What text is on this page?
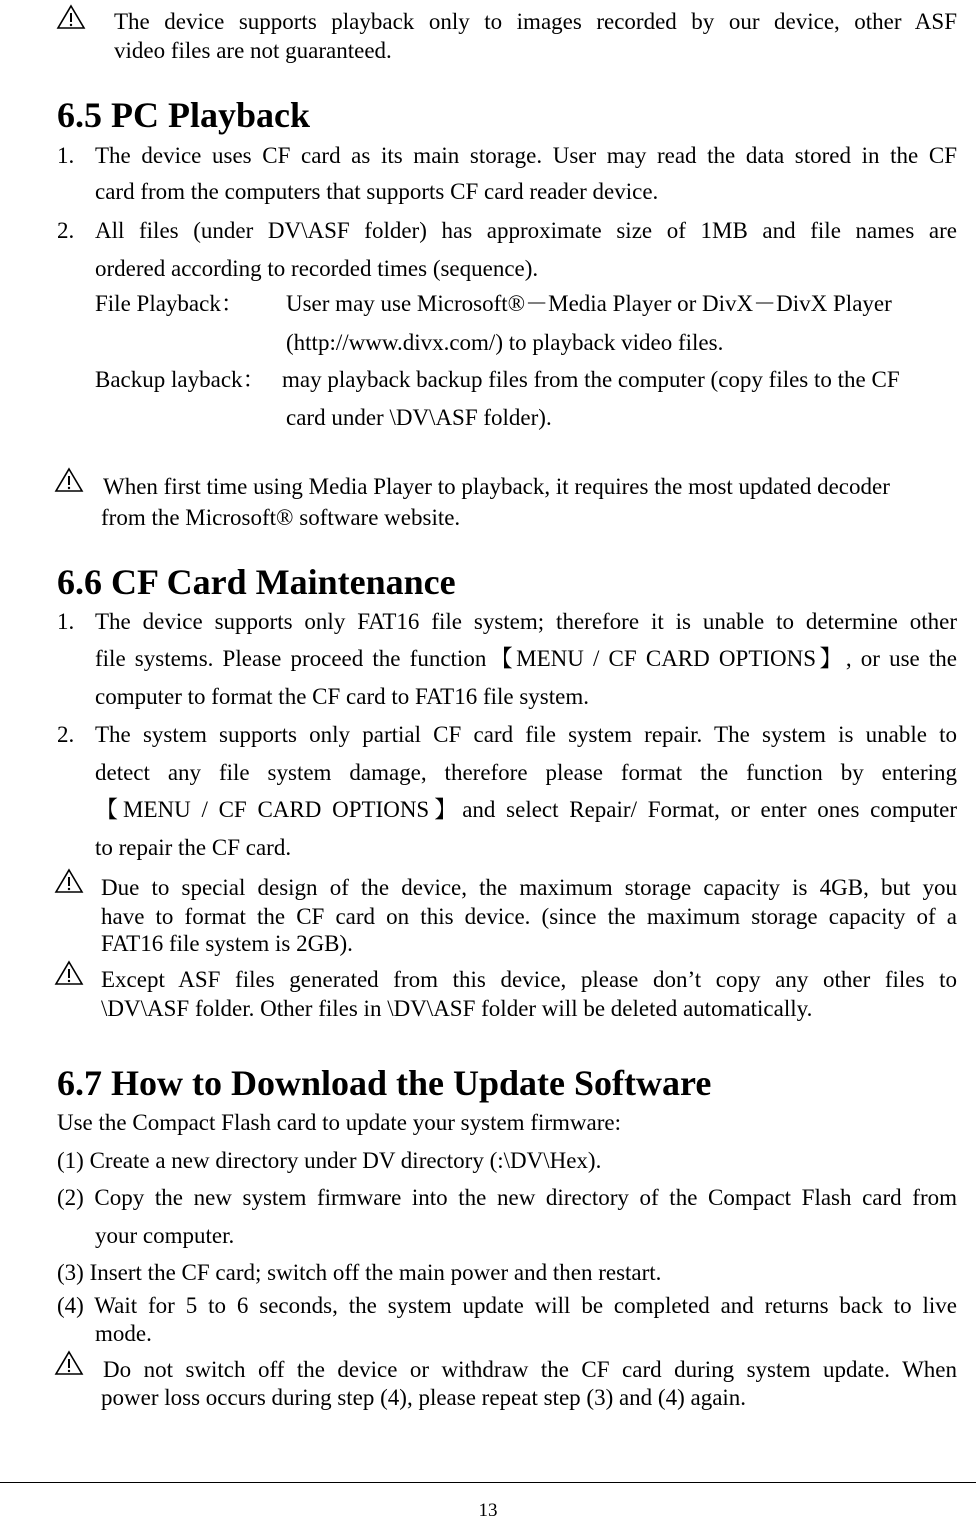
The device supports playback only to images recorded by our device, other ASF
video files are not guaranteed.
6.5 PC Playback
1. The device uses CF card as its main storage. User may read the data stored in the CF
card from the computers that supports CF card reader device.
2. All files (under DV\ASF folder) has approximate size of 1MB and file names are
ordered according to recorded times (sequence).
File Playback： User may use Microsoft®－Media Player or DivX－DivX Player
(http://www.divx.com/) to playback video files.
Backup layback： may playback backup files from the computer (copy files to the CF
card under \DV\ASF folder).
When first time using Media Player to playback, it requires the most updated decoder
from the Microsoft® software website.
6.6 CF Card Maintenance
1. The device supports only FAT16 file system; therefore it is unable to determine other
file systems. Please proceed the function【MENU / CF CARD OPTIONS】, or use the
computer to format the CF card to FAT16 file system.
2. The system supports only partial CF card file system repair. The system is unable to
detect any file system damage, therefore please format the function by entering
【MENU / CF CARD OPTIONS】and select Repair/ Format, or enter ones computer
to repair the CF card.
Due to special design of the device, the maximum storage capacity is 4GB, but you
have to format the CF card on this device. (since the maximum storage capacity of a
FAT16 file system is 2GB).
Except ASF files generated from this device, please don’t copy any other files to
\DV\ASF folder. Other files in \DV\ASF folder will be deleted automatically.
6.7 How to Download the Update Software
Use the Compact Flash card to update your system firmware:
(1) Create a new directory under DV directory (:\DV\Hex).
(2) Copy the new system firmware into the new directory of the Compact Flash card from
your computer.
(3) Insert the CF card; switch off the main power and then restart.
(4) Wait for 5 to 6 seconds, the system update will be completed and returns back to live
mode.
Do not switch off the device or withdraw the CF card during system update. When
power loss occurs during step (4), please repeat step (3) and (4) again.
13
